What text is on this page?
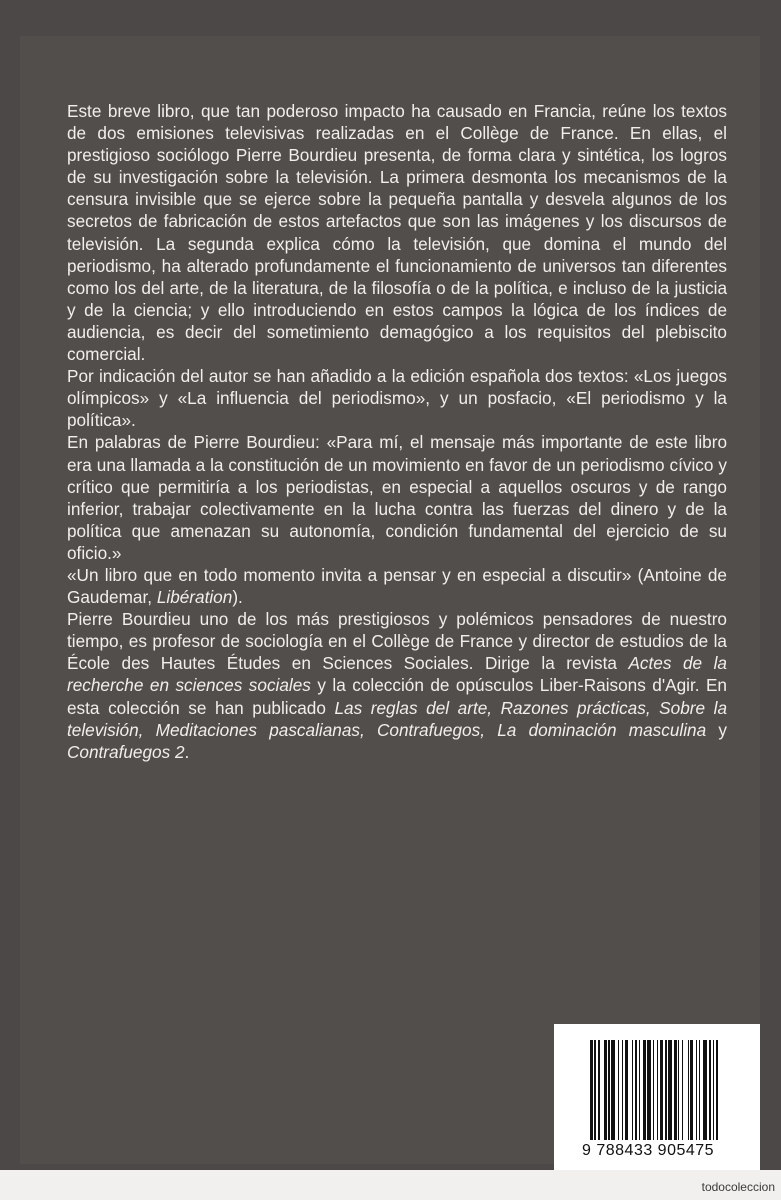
Este breve libro, que tan poderoso impacto ha causado en Francia, reúne los textos de dos emisiones televisivas realizadas en el Collège de France. En ellas, el prestigioso sociólogo Pierre Bourdieu presenta, de forma clara y sintética, los logros de su investigación sobre la televisión. La primera desmonta los mecanismos de la censura invisible que se ejerce sobre la pequeña pantalla y desvela algunos de los secretos de fabricación de estos artefactos que son las imágenes y los discursos de televisión. La segunda explica cómo la televisión, que domina el mundo del periodismo, ha alterado profundamente el funcionamiento de universos tan diferentes como los del arte, de la literatura, de la filosofía o de la política, e incluso de la justicia y de la ciencia; y ello introduciendo en estos campos la lógica de los índices de audiencia, es decir del sometimiento demagógico a los requisitos del plebiscito comercial.

Por indicación del autor se han añadido a la edición española dos textos: «Los juegos olímpicos» y «La influencia del periodismo», y un posfacio, «El periodismo y la política».

En palabras de Pierre Bourdieu: «Para mí, el mensaje más importante de este libro era una llamada a la constitución de un movimiento en favor de un periodismo cívico y crítico que permitiría a los periodistas, en especial a aquellos oscuros y de rango inferior, trabajar colectivamente en la lucha contra las fuerzas del dinero y de la política que amenazan su autonomía, condición fundamental del ejercicio de su oficio.»

«Un libro que en todo momento invita a pensar y en especial a discutir» (Antoine de Gaudemar, Libération).

Pierre Bourdieu uno de los más prestigiosos y polémicos pensadores de nuestro tiempo, es profesor de sociología en el Collège de France y director de estudios de la École des Hautes Études en Sciences Sociales. Dirige la revista Actes de la recherche en sciences sociales y la colección de opúsculos Liber-Raisons d'Agir. En esta colección se han publicado Las reglas del arte, Razones prácticas, Sobre la televisión, Meditaciones pascalianas, Contrafuegos, La dominación masculina y Contrafuegos 2.

9 788433 905475
todocoleccion
